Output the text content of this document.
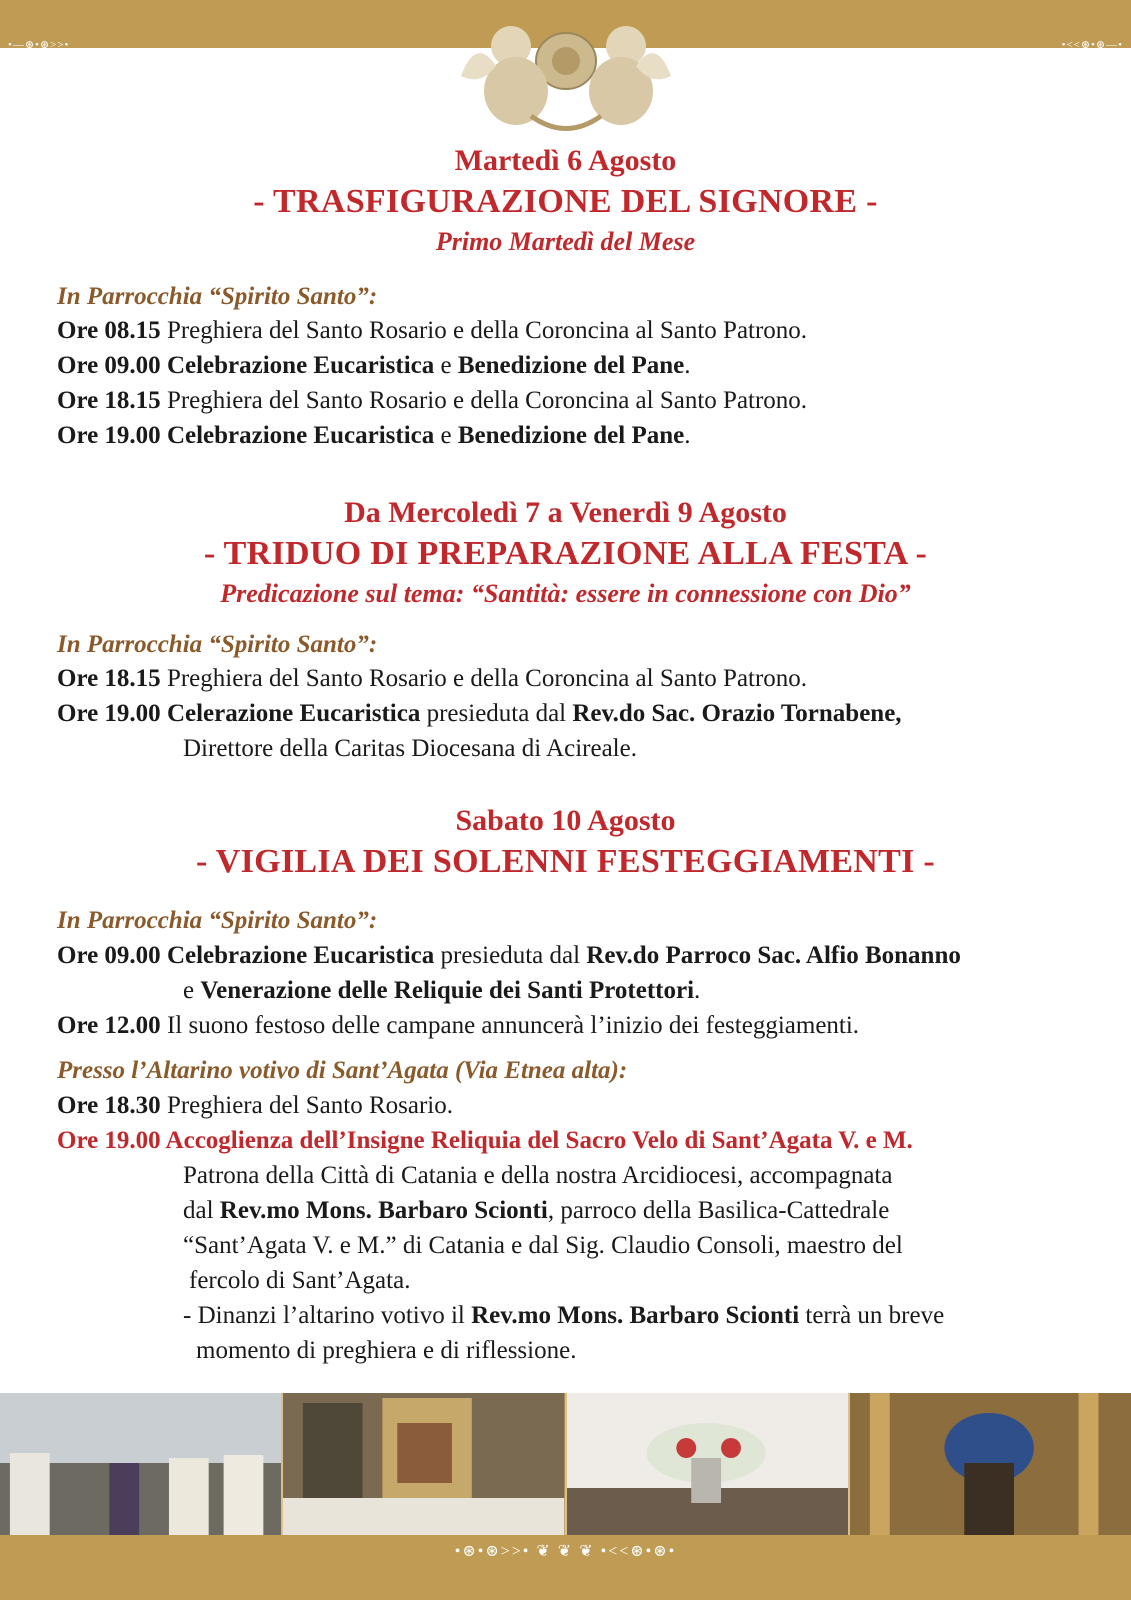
•—⊛•⊛>>•	•<<⊛•⊛—•
Martedì 6 Agosto
- TRASFIGURAZIONE DEL SIGNORE -
Primo Martedì del Mese
In Parrocchia “Spirito Santo”:
Ore 08.15 Preghiera del Santo Rosario e della Coroncina al Santo Patrono.
Ore 09.00 Celebrazione Eucaristica e Benedizione del Pane.
Ore 18.15 Preghiera del Santo Rosario e della Coroncina al Santo Patrono.
Ore 19.00 Celebrazione Eucaristica e Benedizione del Pane.
Da Mercoledì 7 a Venerdì 9 Agosto
- TRIDUO DI PREPARAZIONE ALLA FESTA -
Predicazione sul tema: “Santità: essere in connessione con Dio”
In Parrocchia “Spirito Santo”:
Ore 18.15 Preghiera del Santo Rosario e della Coroncina al Santo Patrono.
Ore 19.00 Celerazione Eucaristica presieduta dal Rev.do Sac. Orazio Tornabene,
Direttore della Caritas Diocesana di Acireale.
Sabato 10 Agosto
- VIGILIA DEI SOLENNI FESTEGGIAMENTI -
In Parrocchia “Spirito Santo”:
Ore 09.00 Celebrazione Eucaristica presieduta dal Rev.do Parroco Sac. Alfio Bonanno
e Venerazione delle Reliquie dei Santi Protettori.
Ore 12.00 Il suono festoso delle campane annuncerà l’inizio dei festeggiamenti.
Presso l’Altarino votivo di Sant’Agata (Via Etnea alta):
Ore 18.30 Preghiera del Santo Rosario.
Ore 19.00 Accoglienza dell’Insigne Reliquia del Sacro Velo di Sant’Agata V. e M.
Patrona della Città di Catania e della nostra Arcidiocesi, accompagnata
dal Rev.mo Mons. Barbaro Scionti, parroco della Basilica-Cattedrale
“Sant’Agata V. e M.” di Catania e dal Sig. Claudio Consoli, maestro del
fercolo di Sant’Agata.
- Dinanzi l’altarino votivo il Rev.mo Mons. Barbaro Scionti terrà un breve
momento di preghiera e di riflessione.
•⊛•⊛>>• ❦ ❦ ❦ •<<⊛•⊛•
